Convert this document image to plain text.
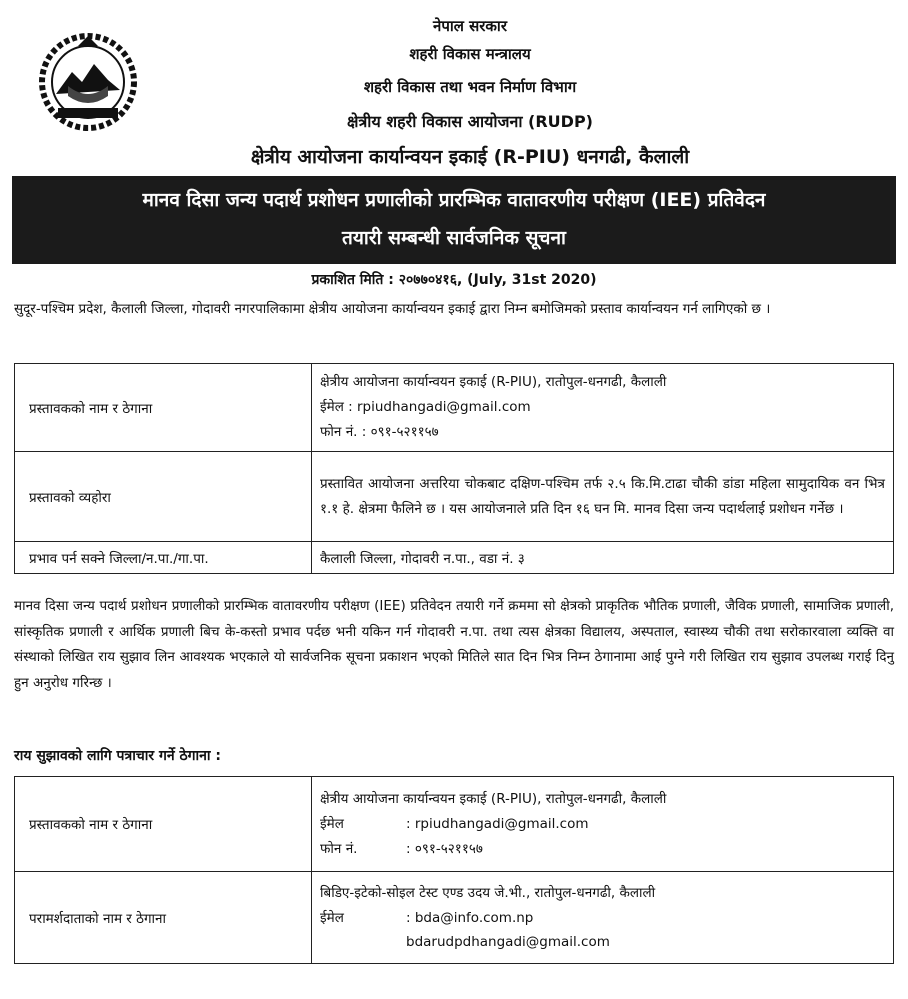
नेपाल सरकार
शहरी विकास मन्त्रालय
शहरी विकास तथा भवन निर्माण विभाग
क्षेत्रीय शहरी विकास आयोजना (RUDP)
क्षेत्रीय आयोजना कार्यान्वयन इकाई (R-PIU) धनगढी, कैलाली
मानव दिसा जन्य पदार्थ प्रशोधन प्रणालीको प्रारम्भिक वातावरणीय परीक्षण (IEE) प्रतिवेदन
तयारी सम्बन्धी सार्वजनिक सूचना
प्रकाशित मिति : २०७७०४१६, (July, 31st 2020)
सुदूर-पश्चिम प्रदेश, कैलाली जिल्ला, गोदावरी नगरपालिकामा क्षेत्रीय आयोजना कार्यान्वयन इकाई द्वारा निम्न बमोजिमको प्रस्ताव कार्यान्वयन गर्न लागिएको छ ।
प्रस्तावकको नाम र ठेगाना	क्षेत्रीय आयोजना कार्यान्वयन इकाई (R-PIU), रातोपुल-धनगढी, कैलाली
ईमेल : rpiudhangadi@gmail.com
फोन नं. : ०९१-५२११५७

प्रस्तावको व्यहोरा	प्रस्तावित आयोजना अत्तरिया चोकबाट दक्षिण-पश्चिम तर्फ २.५ कि.मि.टाढा चौकी डांडा महिला सामुदायिक वन भित्र १.१ हे. क्षेत्रमा फैलिने छ । यस आयोजनाले प्रति दिन १६ घन मि. मानव दिसा जन्य पदार्थलाई प्रशोधन गर्नेछ ।

प्रभाव पर्न सक्ने जिल्ला/न.पा./गा.पा.	कैलाली जिल्ला, गोदावरी न.पा., वडा नं. ३
मानव दिसा जन्य पदार्थ प्रशोधन प्रणालीको प्रारम्भिक वातावरणीय परीक्षण (IEE) प्रतिवेदन तयारी गर्ने क्रममा सो क्षेत्रको प्राकृतिक भौतिक प्रणाली, जैविक प्रणाली, सामाजिक प्रणाली, सांस्कृतिक प्रणाली र आर्थिक प्रणाली बिच के-कस्तो प्रभाव पर्दछ भनी यकिन गर्न गोदावरी न.पा. तथा त्यस क्षेत्रका विद्यालय, अस्पताल, स्वास्थ्य चौकी तथा सरोकारवाला व्यक्ति वा संस्थाको लिखित राय सुझाव लिन आवश्यक भएकाले यो सार्वजनिक सूचना प्रकाशन भएको मितिले सात दिन भित्र निम्न ठेगानामा आई पुग्ने गरी लिखित राय सुझाव उपलब्ध गराई दिनु हुन अनुरोध गरिन्छ ।
राय सुझावको लागि पत्राचार गर्ने ठेगाना :
प्रस्तावकको नाम र ठेगाना	क्षेत्रीय आयोजना कार्यान्वयन इकाई (R-PIU), रातोपुल-धनगढी, कैलाली
ईमेल : rpiudhangadi@gmail.com
फोन नं. : ०९१-५२११५७

परामर्शदाताको नाम र ठेगाना	बिडिए-इटेको-सोइल टेस्ट एण्ड उदय जे.भी., रातोपुल-धनगढी, कैलाली
ईमेल : bda@info.com.np
bdarudpdhangadi@gmail.com
